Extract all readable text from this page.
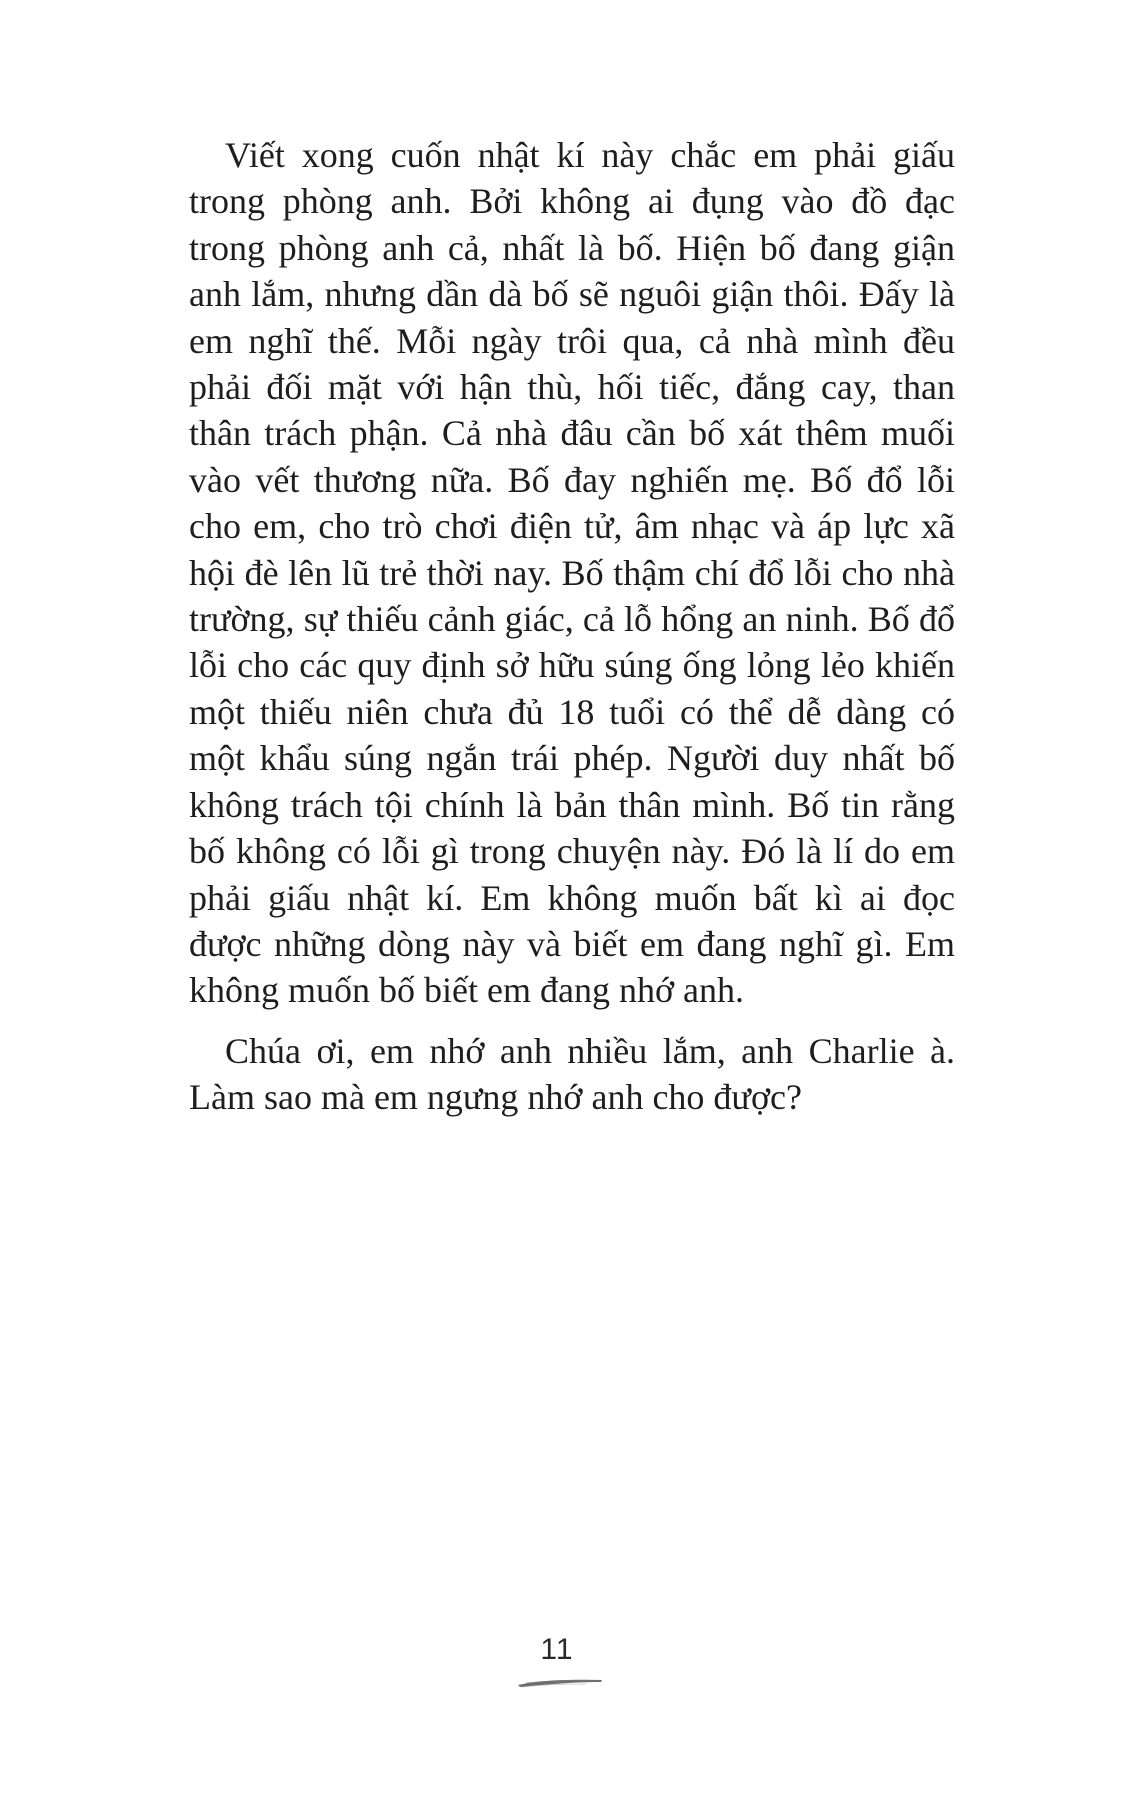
Viết xong cuốn nhật kí này chắc em phải giấu trong phòng anh. Bởi không ai đụng vào đồ đạc trong phòng anh cả, nhất là bố. Hiện bố đang giận anh lắm, nhưng dần dà bố sẽ nguôi giận thôi. Đấy là em nghĩ thế. Mỗi ngày trôi qua, cả nhà mình đều phải đối mặt với hận thù, hối tiếc, đắng cay, than thân trách phận. Cả nhà đâu cần bố xát thêm muối vào vết thương nữa. Bố đay nghiến mẹ. Bố đổ lỗi cho em, cho trò chơi điện tử, âm nhạc và áp lực xã hội đè lên lũ trẻ thời nay. Bố thậm chí đổ lỗi cho nhà trường, sự thiếu cảnh giác, cả lỗ hổng an ninh. Bố đổ lỗi cho các quy định sở hữu súng ống lỏng lẻo khiến một thiếu niên chưa đủ 18 tuổi có thể dễ dàng có một khẩu súng ngắn trái phép. Người duy nhất bố không trách tội chính là bản thân mình. Bố tin rằng bố không có lỗi gì trong chuyện này. Đó là lí do em phải giấu nhật kí. Em không muốn bất kì ai đọc được những dòng này và biết em đang nghĩ gì. Em không muốn bố biết em đang nhớ anh.

Chúa ơi, em nhớ anh nhiều lắm, anh Charlie à. Làm sao mà em ngưng nhớ anh cho được?

11
